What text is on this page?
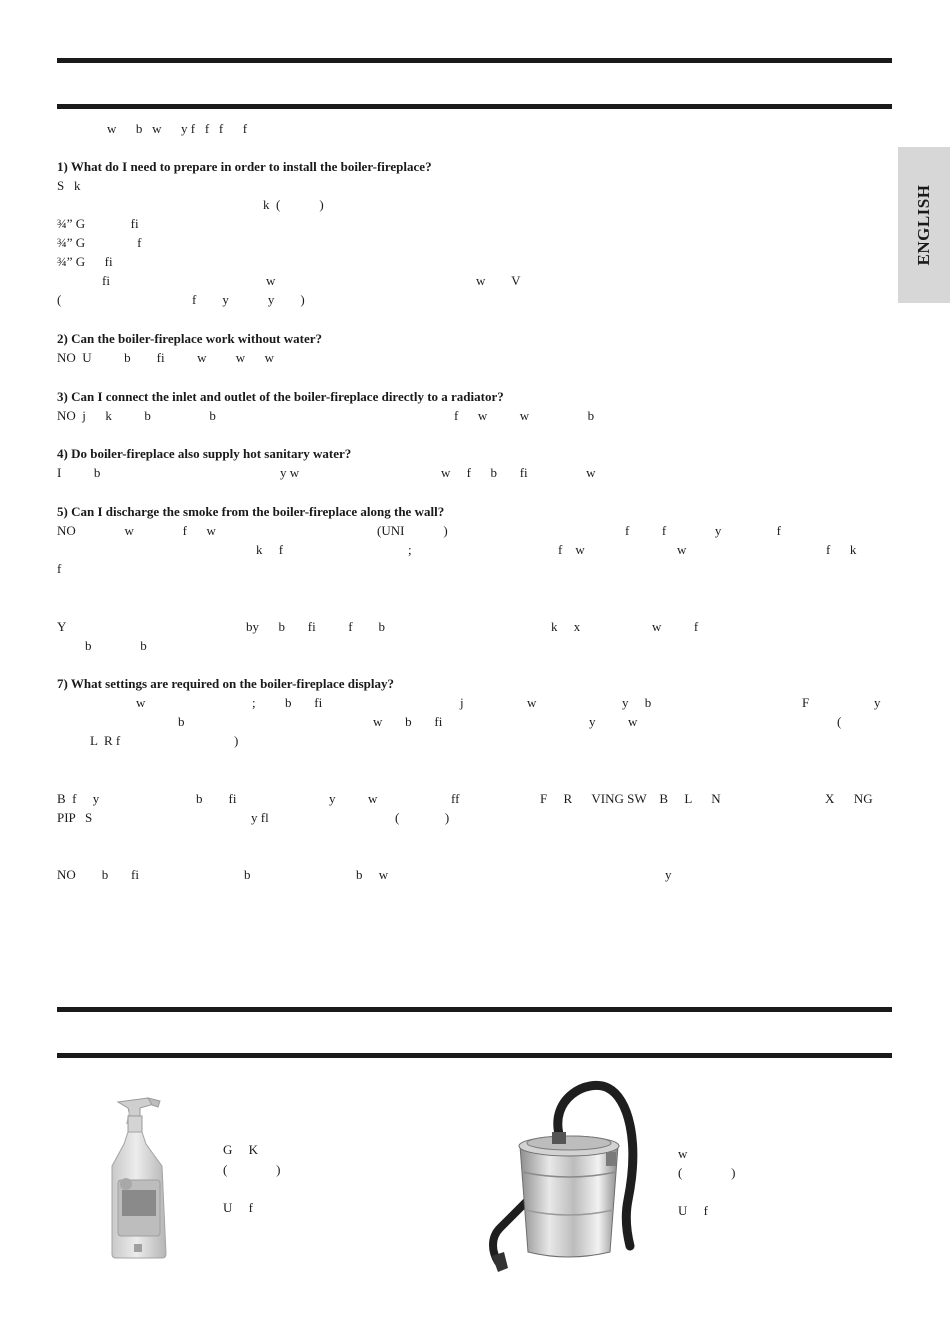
ENGLISH
w      b   w      y f   f   f      f
1) What do I need to prepare in order to install the boiler-fireplace?
S   k
k  (            )
¾” G              fi
¾” G                f
¾” G      fi
fi	w	w        V
(	f        y            y        )
2) Can the boiler-fireplace work without water?
NO  U          b        fi          w         w      w
3) Can I connect the inlet and outlet of the boiler-fireplace directly to a radiator?
NO  j      k          b                  b	f      w          w                  b
4) Do boiler-fireplace also supply hot sanitary water?
I          b	y w	w     f      b       fi                  w
5) Can I discharge the smoke from the boiler-fireplace along the wall?
NO               w               f      w	(UNI            )	f          f               y                 f
k     f	;	f    w	w	f      k
f
Y	by      b       fi          f        b	k     x	w          f
b               b
7) What settings are required on the boiler-fireplace display?
w	; b       fi	j	w	y     b	F	y
b	w       b       fi	y          w	(
L  R f	)
B  f     y	b        fi	y          w	ff	F     R      VING SW    B     L      N	X      NG
PIP   S	y fl	(              )
NO        b       fi	b	b     w	y
G     K
(               )
U     f
w
(               )
U     f
